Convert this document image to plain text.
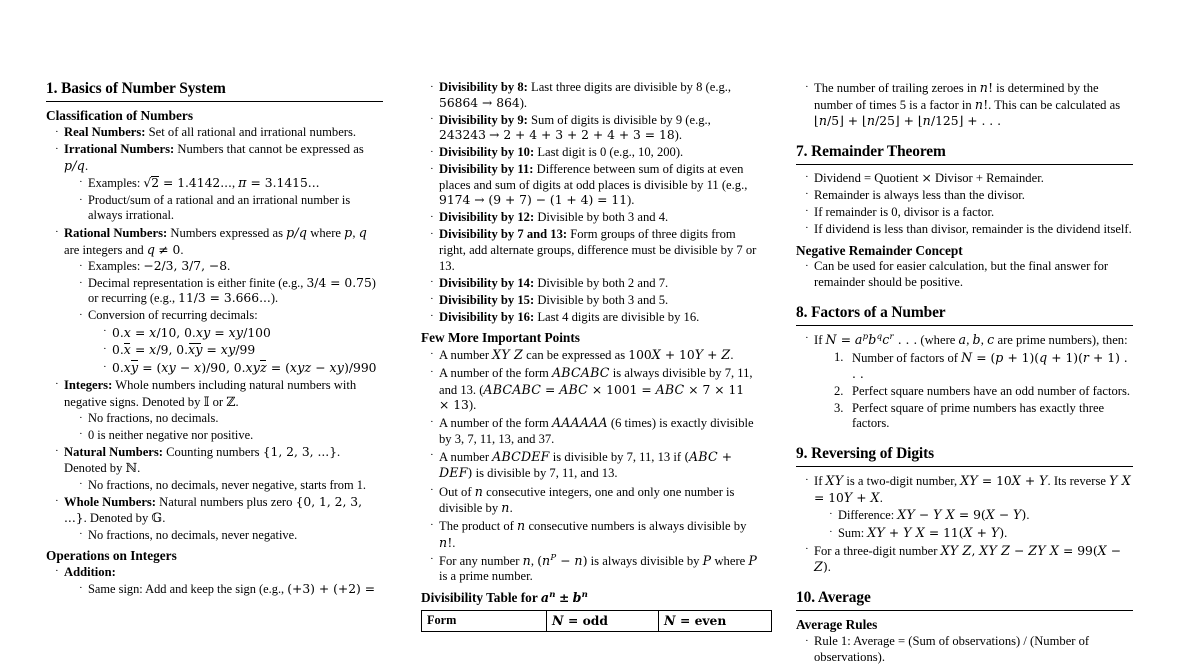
1. Basics of Number System
Classification of Numbers
· Real Numbers: Set of all rational and irrational numbers.
· Irrational Numbers: Numbers that cannot be expressed as p/q.
· Examples: √2 = 1.4142..., π = 3.1415...
· Product/sum of a rational and an irrational number is always irrational.
· Rational Numbers: Numbers expressed as p/q where p, q are integers and q ≠ 0.
· Examples: −2/3, 3/7, −8.
· Decimal representation is either finite (e.g., 3/4 = 0.75) or recurring (e.g., 11/3 = 3.666...).
· Conversion of recurring decimals:
· 0.x = x/10, 0.xy = xy/100
· 0.x = x/9, 0.xy = xy/99
· 0.xy = (xy − x)/90, 0.xyz = (xyz − xy)/990
· Integers: Whole numbers including natural numbers with negative signs. Denoted by 𝕀 or ℤ.
· No fractions, no decimals.
· 0 is neither negative nor positive.
· Natural Numbers: Counting numbers {1, 2, 3, ...}. Denoted by ℕ.
· No fractions, no decimals, never negative, starts from 1.
· Whole Numbers: Natural numbers plus zero {0, 1, 2, 3, ...}. Denoted by 𝔾.
· No fractions, no decimals, never negative.
Operations on Integers
· Addition:
· Same sign: Add and keep the sign (e.g., (+3) + (+2) =
· Divisibility by 8: Last three digits are divisible by 8 (e.g., 56864 → 864).
· Divisibility by 9: Sum of digits is divisible by 9 (e.g., 243243 → 2 + 4 + 3 + 2 + 4 + 3 = 18).
· Divisibility by 10: Last digit is 0 (e.g., 10, 200).
· Divisibility by 11: Difference between sum of digits at even places and sum of digits at odd places is divisible by 11 (e.g., 9174 → (9 + 7) − (1 + 4) = 11).
· Divisibility by 12: Divisible by both 3 and 4.
· Divisibility by 7 and 13: Form groups of three digits from right, add alternate groups, difference must be divisible by 7 or 13.
· Divisibility by 14: Divisible by both 2 and 7.
· Divisibility by 15: Divisible by both 3 and 5.
· Divisibility by 16: Last 4 digits are divisible by 16.
Few More Important Points
· A number XY Z can be expressed as 100X + 10Y + Z.
· A number of the form ABCABC is always divisible by 7, 11, and 13. (ABCABC = ABC × 1001 = ABC × 7 × 11 × 13).
· A number of the form AAAAAA (6 times) is exactly divisible by 3, 7, 11, 13, and 37.
· A number ABCDEF is divisible by 7, 11, 13 if (ABC + DEF) is divisible by 7, 11, and 13.
· Out of n consecutive integers, one and only one number is divisible by n.
· The product of n consecutive numbers is always divisible by n!.
· For any number n, $(n^P - n)$ is always divisible by P where P is a prime number.
Divisibility Table for $a^n \pm b^n$
Form	N = odd	N = even
· The number of trailing zeroes in n! is determined by the number of times 5 is a factor in n!. This can be calculated as ⌊n/5⌋ + ⌊n/25⌋ + ⌊n/125⌋ + . . .
7. Remainder Theorem
· Dividend = Quotient × Divisor + Remainder.
· Remainder is always less than the divisor.
· If remainder is 0, divisor is a factor.
· If dividend is less than divisor, remainder is the dividend itself.
Negative Remainder Concept
· Can be used for easier calculation, but the final answer for remainder should be positive.
8. Factors of a Number
· If $N = a^pb^qc^r$ . . . (where a, b, c are prime numbers), then:
Number of factors of N = (p + 1)(q + 1)(r + 1) . . .
Perfect square numbers have an odd number of factors.
Perfect square of prime numbers has exactly three factors.
9. Reversing of Digits
· If XY is a two-digit number, XY = 10X + Y. Its reverse Y X = 10Y + X.
· Difference: XY − Y X = 9(X − Y).
· Sum: XY + Y X = 11(X + Y).
· For a three-digit number XY Z, XY Z − ZY X = 99(X − Z).
10. Average
Average Rules
· Rule 1: Average = (Sum of observations) / (Number of observations).
